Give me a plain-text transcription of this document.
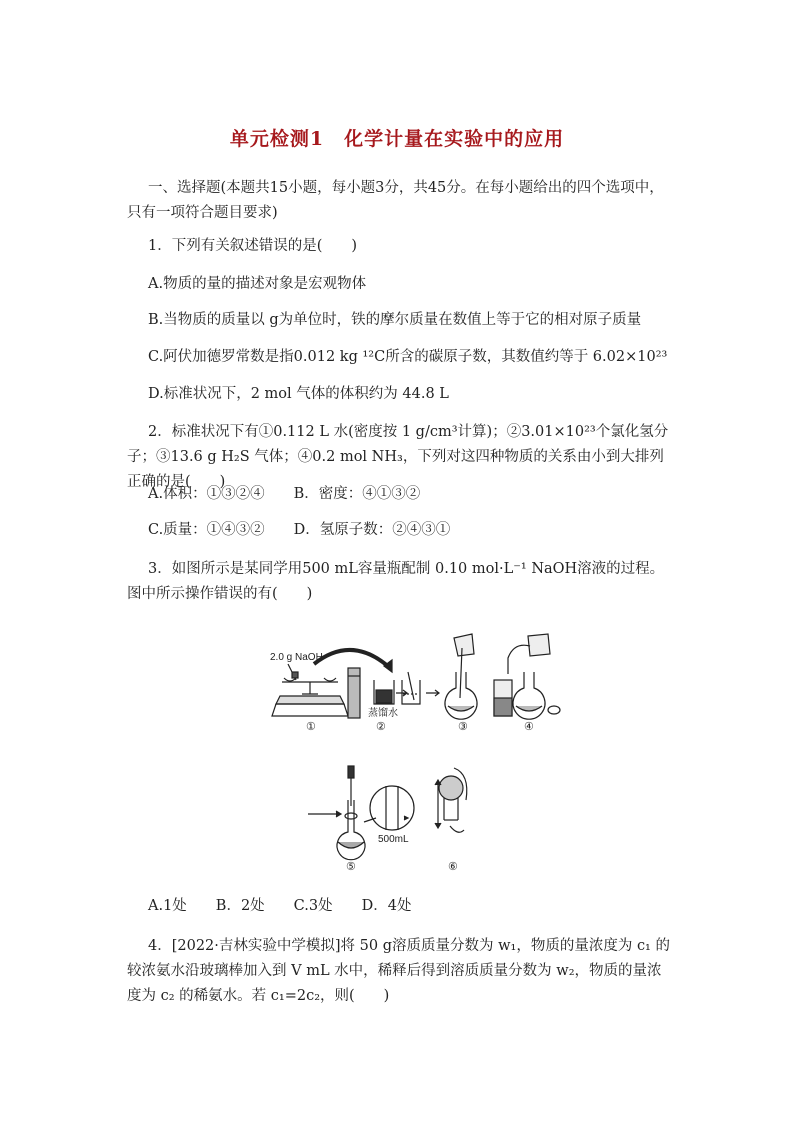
单元检测1　化学计量在实验中的应用

一、选择题(本题共15小题，每小题3分，共45分。在每小题给出的四个选项中，只有一项符合题目要求)

1．下列有关叙述错误的是(　　)

A.物质的量的描述对象是宏观物体

B.当物质的质量以 g为单位时，铁的摩尔质量在数值上等于它的相对原子质量

C.阿伏加德罗常数是指0.012 kg ¹²C所含的碳原子数，其数值约等于 6.02×10²³

D.标准状况下，2 mol 气体的体积约为 44.8 L

2．标准状况下有①0.112 L 水(密度按 1 g/cm³计算)；②3.01×10²³个氯化氢分子；③13.6 g H₂S 气体；④0.2 mol NH₃，下列对这四种物质的关系由小到大排列正确的是(　　)

A.体积：①③②④　　B．密度：④①③②

C.质量：①④③②　　D．氢原子数：②④③①

3．如图所示是某同学用500 mL容量瓶配制 0.10 mol·L⁻¹ NaOH溶液的过程。图中所示操作错误的有(　　)

2.0 g NaOH
蒸馏水
①	②	③	④
500mL
⑤	⑥

A.1处　　B．2处　　C.3处　　D．4处

4．[2022·吉林实验中学模拟]将 50 g溶质质量分数为 w₁，物质的量浓度为 c₁ 的较浓氨水沿玻璃棒加入到 V mL 水中，稀释后得到溶质质量分数为 w₂，物质的量浓度为 c₂ 的稀氨水。若 c₁=2c₂，则(　　)
